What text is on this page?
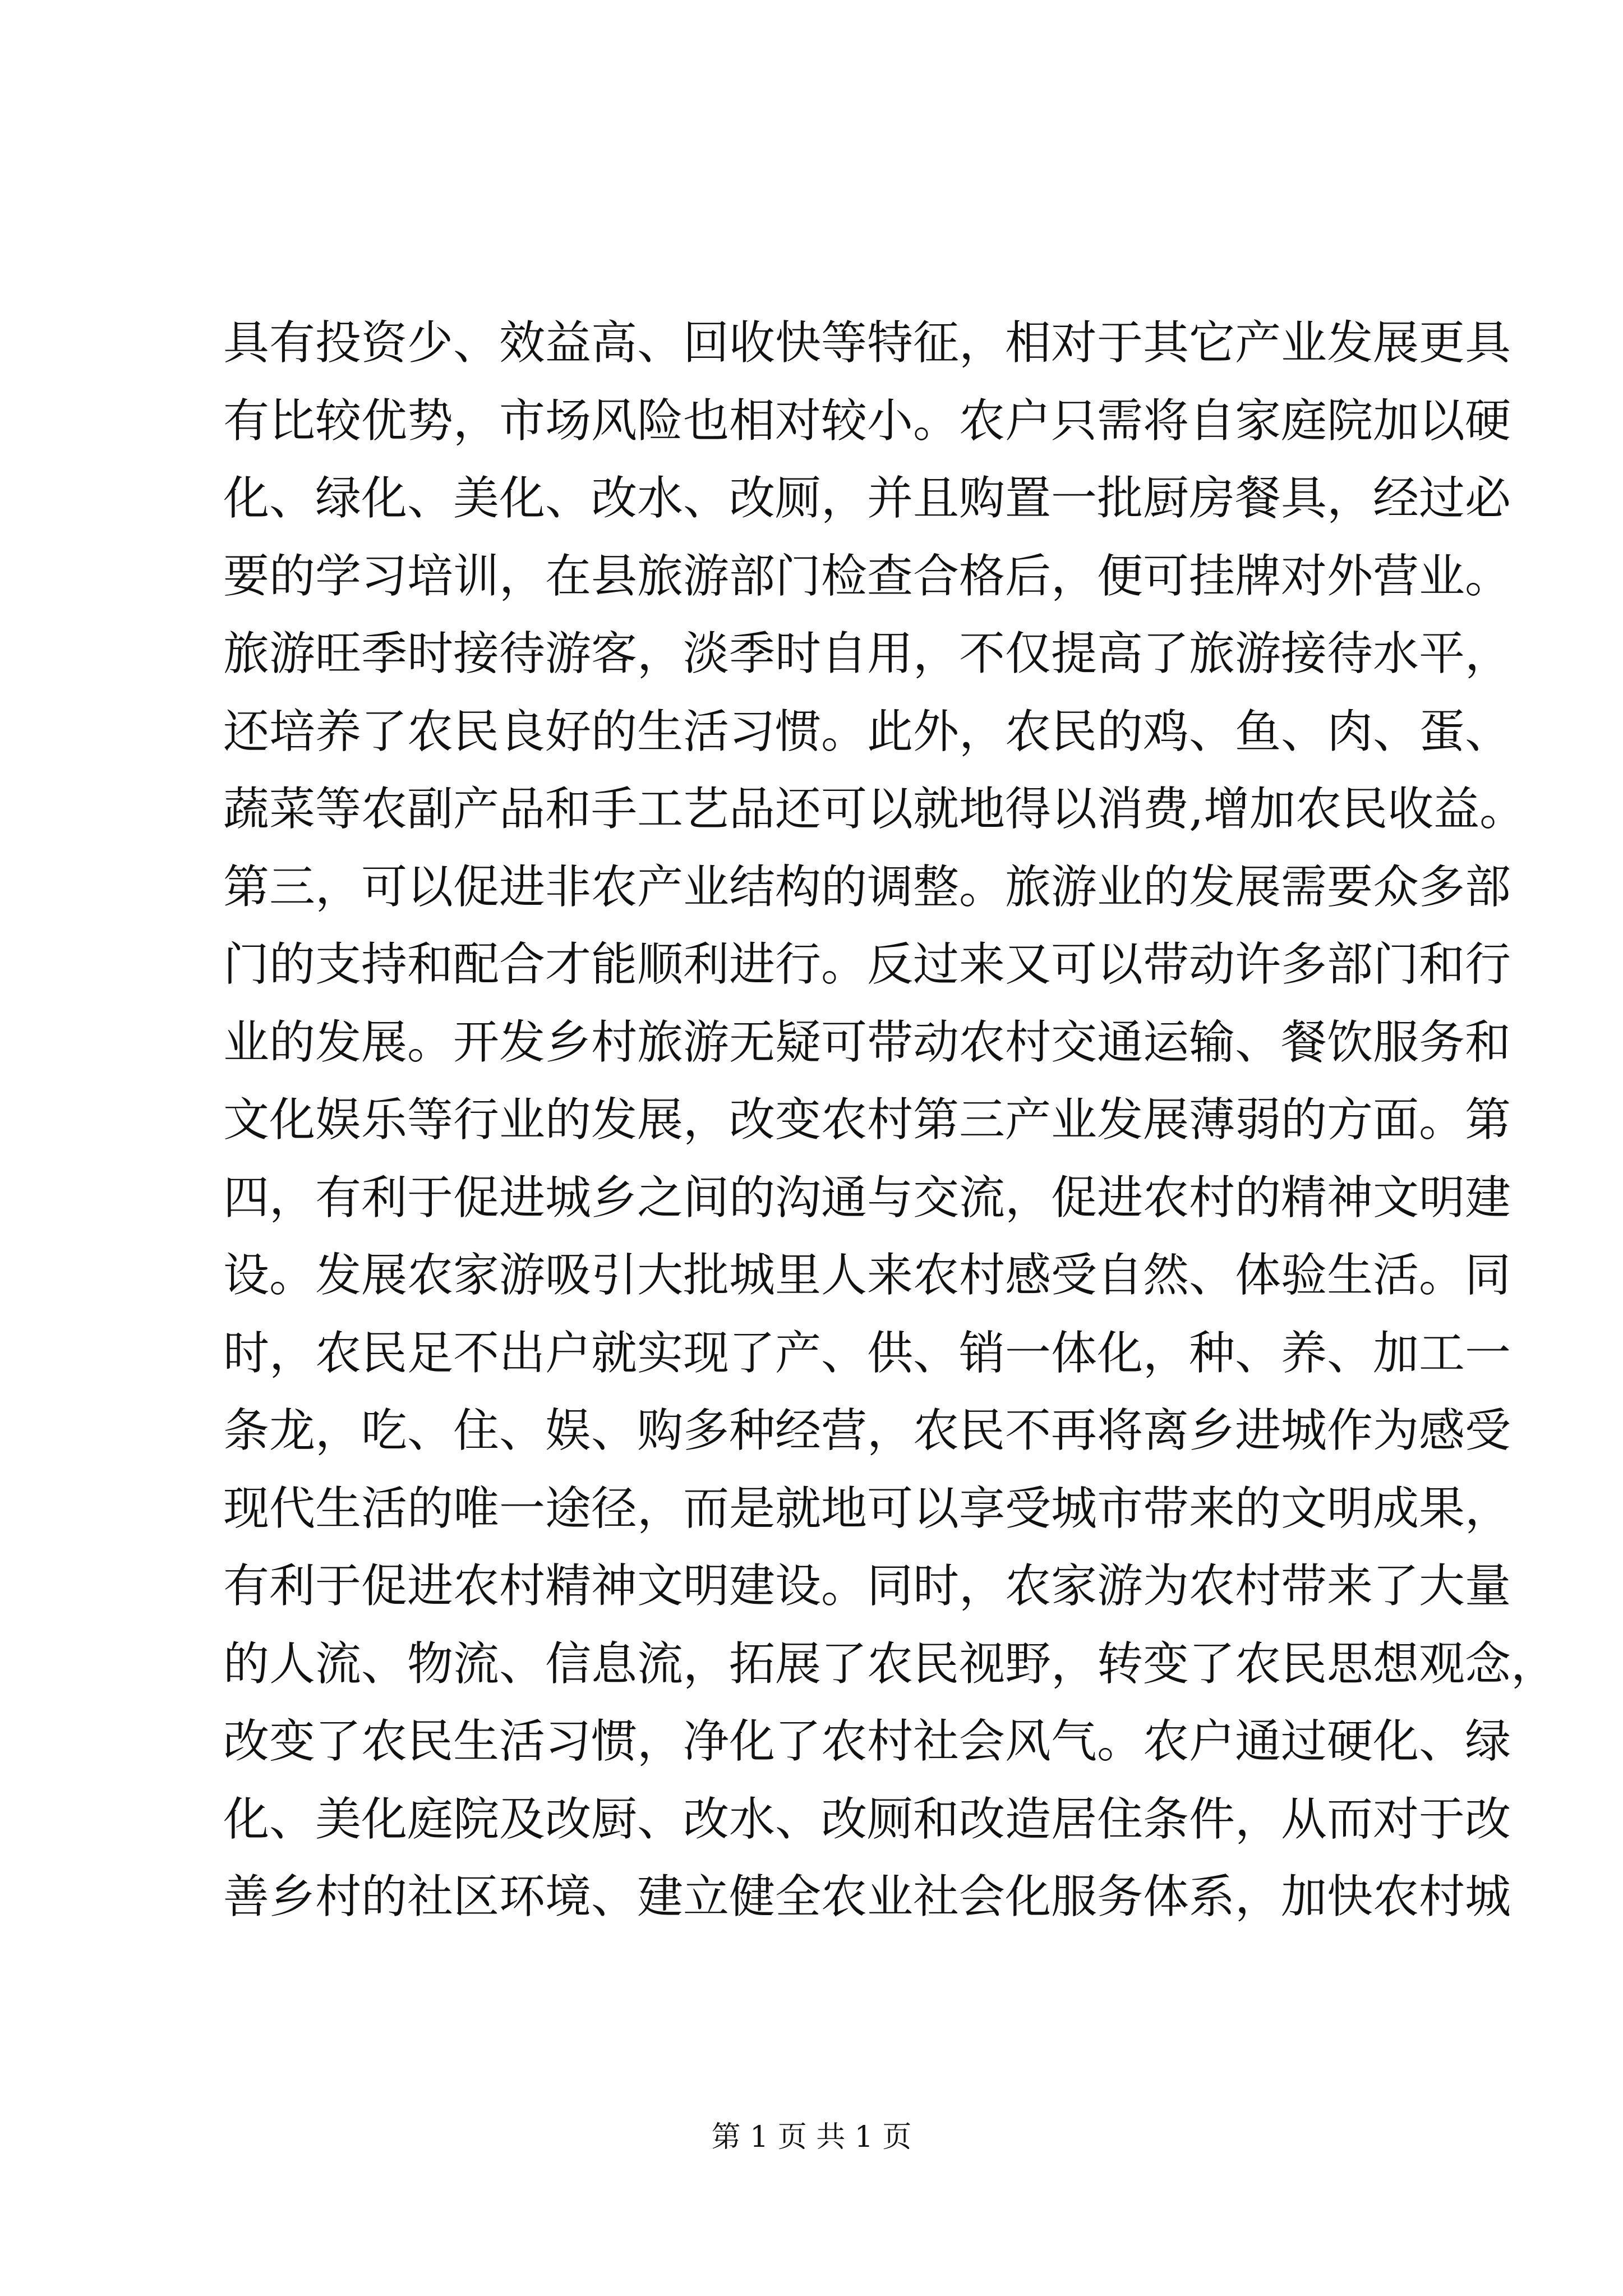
具有投资少、效益高、回收快等特征，相对于其它产业发展更具
有比较优势，市场风险也相对较小。农户只需将自家庭院加以硬
化、绿化、美化、改水、改厕，并且购置一批厨房餐具，经过必
要的学习培训，在县旅游部门检查合格后，便可挂牌对外营业。
旅游旺季时接待游客，淡季时自用，不仅提高了旅游接待水平，
还培养了农民良好的生活习惯。此外，农民的鸡、鱼、肉、蛋、
蔬菜等农副产品和手工艺品还可以就地得以消费,增加农民收益。
第三，可以促进非农产业结构的调整。旅游业的发展需要众多部
门的支持和配合才能顺利进行。反过来又可以带动许多部门和行
业的发展。开发乡村旅游无疑可带动农村交通运输、餐饮服务和
文化娱乐等行业的发展，改变农村第三产业发展薄弱的方面。第
四，有利于促进城乡之间的沟通与交流，促进农村的精神文明建
设。发展农家游吸引大批城里人来农村感受自然、体验生活。同
时，农民足不出户就实现了产、供、销一体化，种、养、加工一
条龙，吃、住、娱、购多种经营，农民不再将离乡进城作为感受
现代生活的唯一途径，而是就地可以享受城市带来的文明成果，
有利于促进农村精神文明建设。同时，农家游为农村带来了大量
的人流、物流、信息流，拓展了农民视野，转变了农民思想观念，
改变了农民生活习惯，净化了农村社会风气。农户通过硬化、绿
化、美化庭院及改厨、改水、改厕和改造居住条件，从而对于改
善乡村的社区环境、建立健全农业社会化服务体系，加快农村城
第 1 页 共 1 页
